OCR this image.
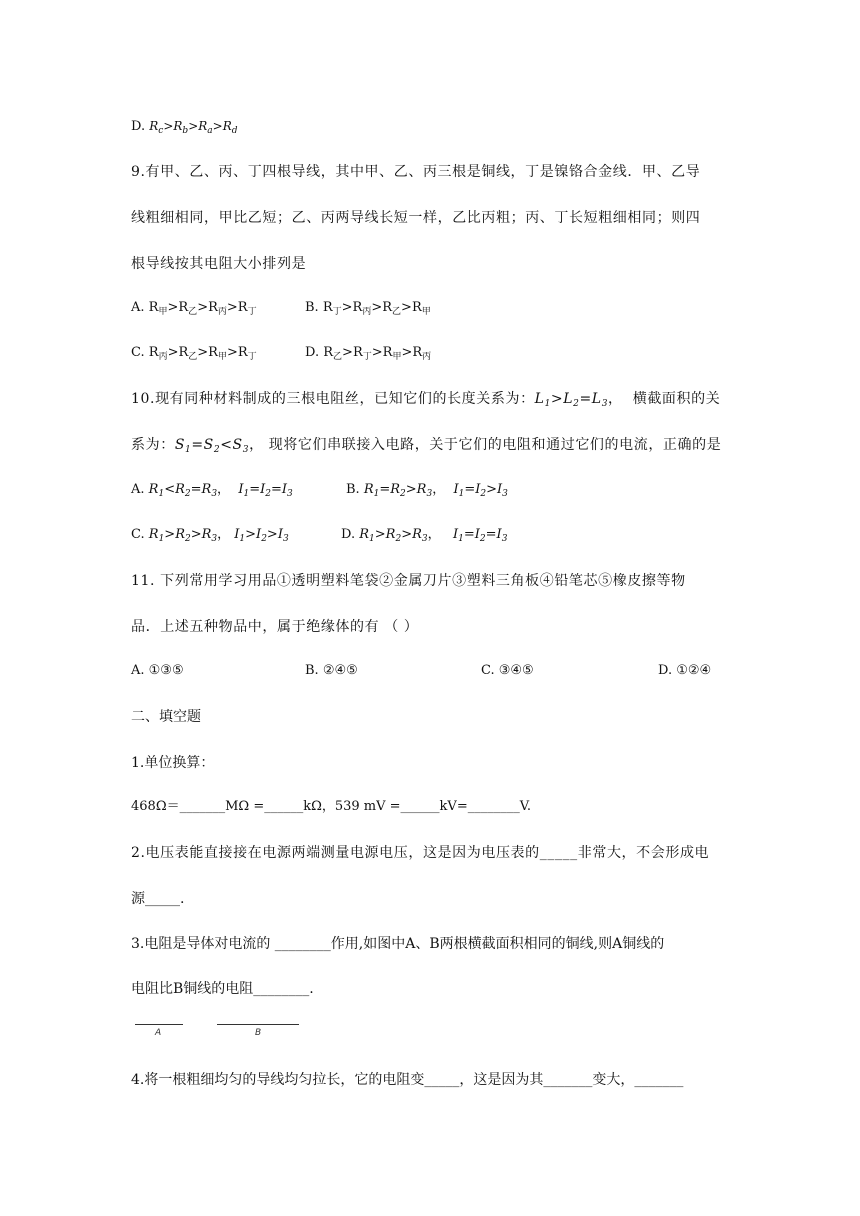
D. $R_c>R_b>R_a>R_d$
9.有甲、乙、丙、丁四根导线，其中甲、乙、丙三根是铜线，丁是镍铬合金线．甲、乙导
线粗细相同，甲比乙短；乙、丙两导线长短一样，乙比丙粗；丙、丁长短粗细相同；则四
根导线按其电阻大小排列是
A. $R_甲>R_乙>R_丙>R_丁$	B. $R_丁>R_丙>R_乙>R_甲$
C. $R_丙>R_乙>R_甲>R_丁$	D. $R_乙>R_丁>R_甲>R_丙$
10.现有同种材料制成的三根电阻丝，已知它们的长度关系为：$L_1>L_2=L_3$，  横截面积的关
系为：$S_1=S_2<S_3$， 现将它们串联接入电路，关于它们的电阻和通过它们的电流，正确的是
A. $R_1<R_2=R_3$，  $I_1=I_2=I_3$	B. $R_1=R_2>R_3$，  $I_1=I_2>I_3$
C. $R_1>R_2>R_3$， $I_1>I_2>I_3$	D. $R_1>R_2>R_3$，   $I_1=I_2=I_3$
11. 下列常用学习用品①透明塑料笔袋②金属刀片③塑料三角板④铅笔芯⑤橡皮擦等物
品．上述五种物品中，属于绝缘体的有 （ ）
A. ①③⑤	B. ②④⑤	C. ③④⑤	D. ①②④
二、填空题
1.单位换算：
468Ω＝_______MΩ =______kΩ，539 mV =______kV=________V.
2.电压表能直接接在电源两端测量电源电压，这是因为电压表的_____非常大，不会形成电
源_____.
3.电阻是导体对电流的 ________作用,如图中A、B两根横截面积相同的铜线,则A铜线的
电阻比B铜线的电阻________.
A	B
4.将一根粗细均匀的导线均匀拉长，它的电阻变_____，这是因为其_______变大，_______
